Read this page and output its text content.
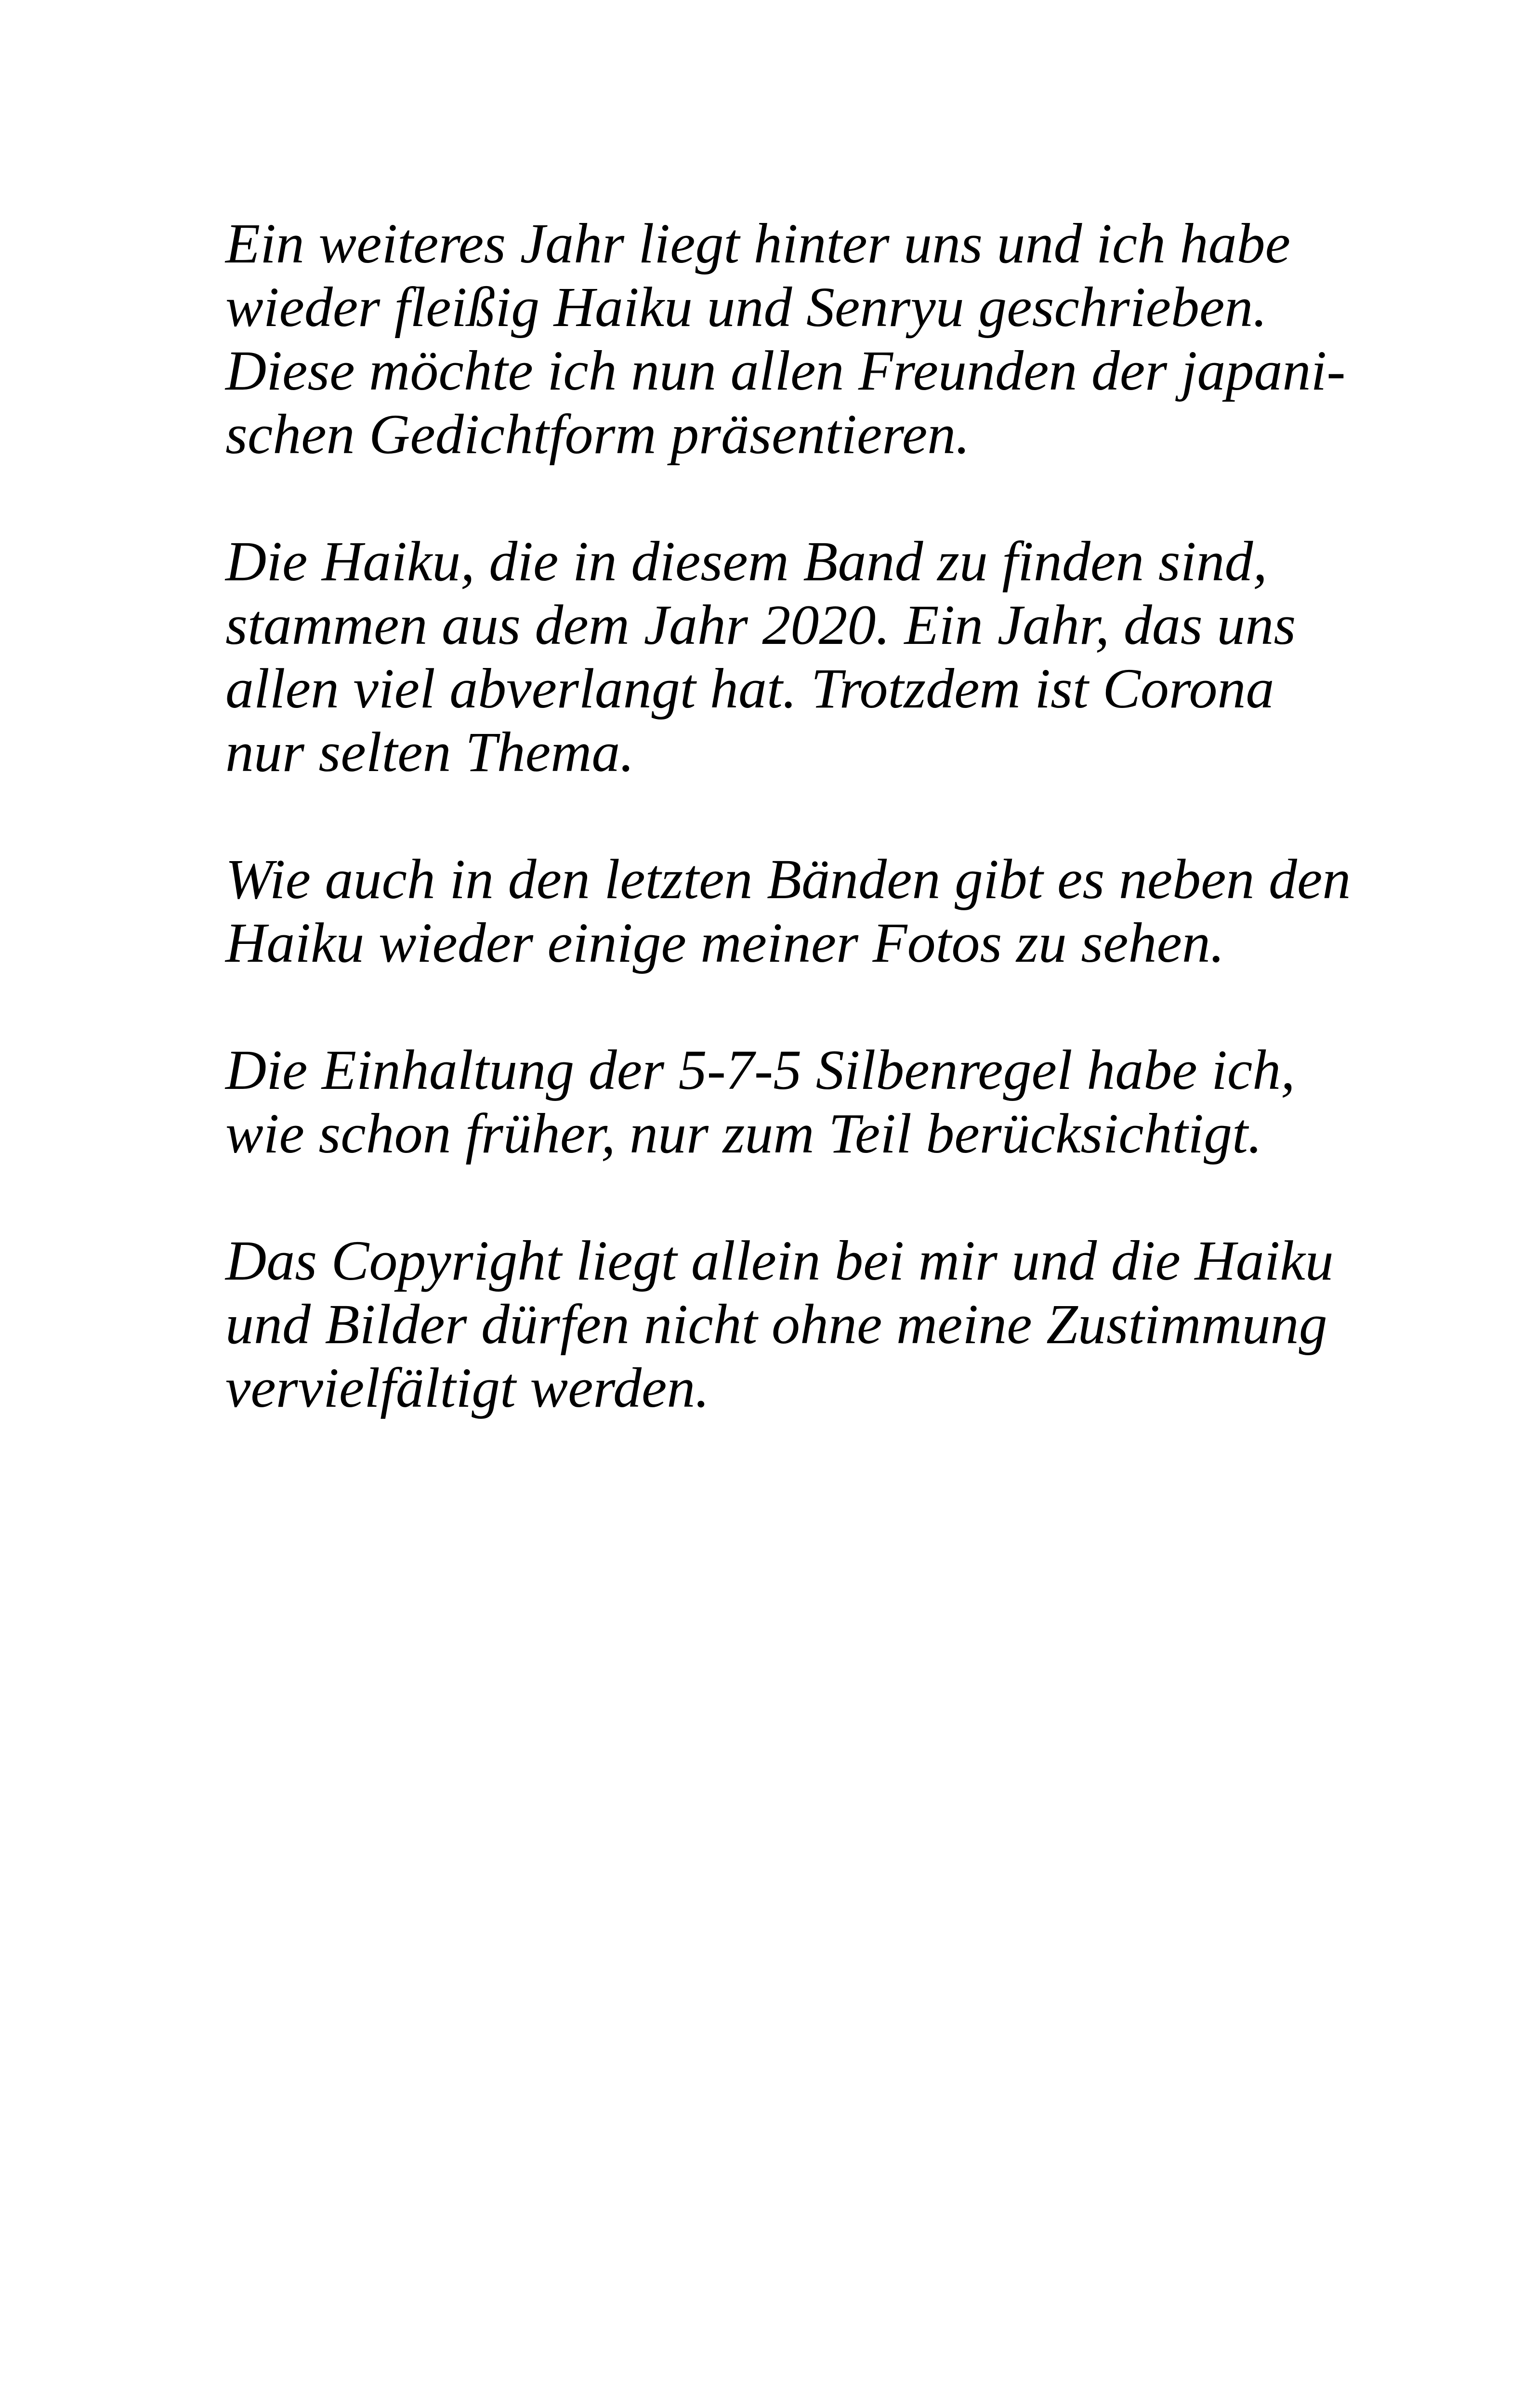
Ein weiteres Jahr liegt hinter uns und ich habe
wieder fleißig Haiku und Senryu geschrieben.
Diese möchte ich nun allen Freunden der japani-
schen Gedichtform präsentieren.

Die Haiku, die in diesem Band zu finden sind,
stammen aus dem Jahr 2020. Ein Jahr, das uns
allen viel abverlangt hat. Trotzdem ist Corona
nur selten Thema.

Wie auch in den letzten Bänden gibt es neben den
Haiku wieder einige meiner Fotos zu sehen.

Die Einhaltung der 5-7-5 Silbenregel habe ich,
wie schon früher, nur zum Teil berücksichtigt.

Das Copyright liegt allein bei mir und die Haiku
und Bilder dürfen nicht ohne meine Zustimmung
vervielfältigt werden.
